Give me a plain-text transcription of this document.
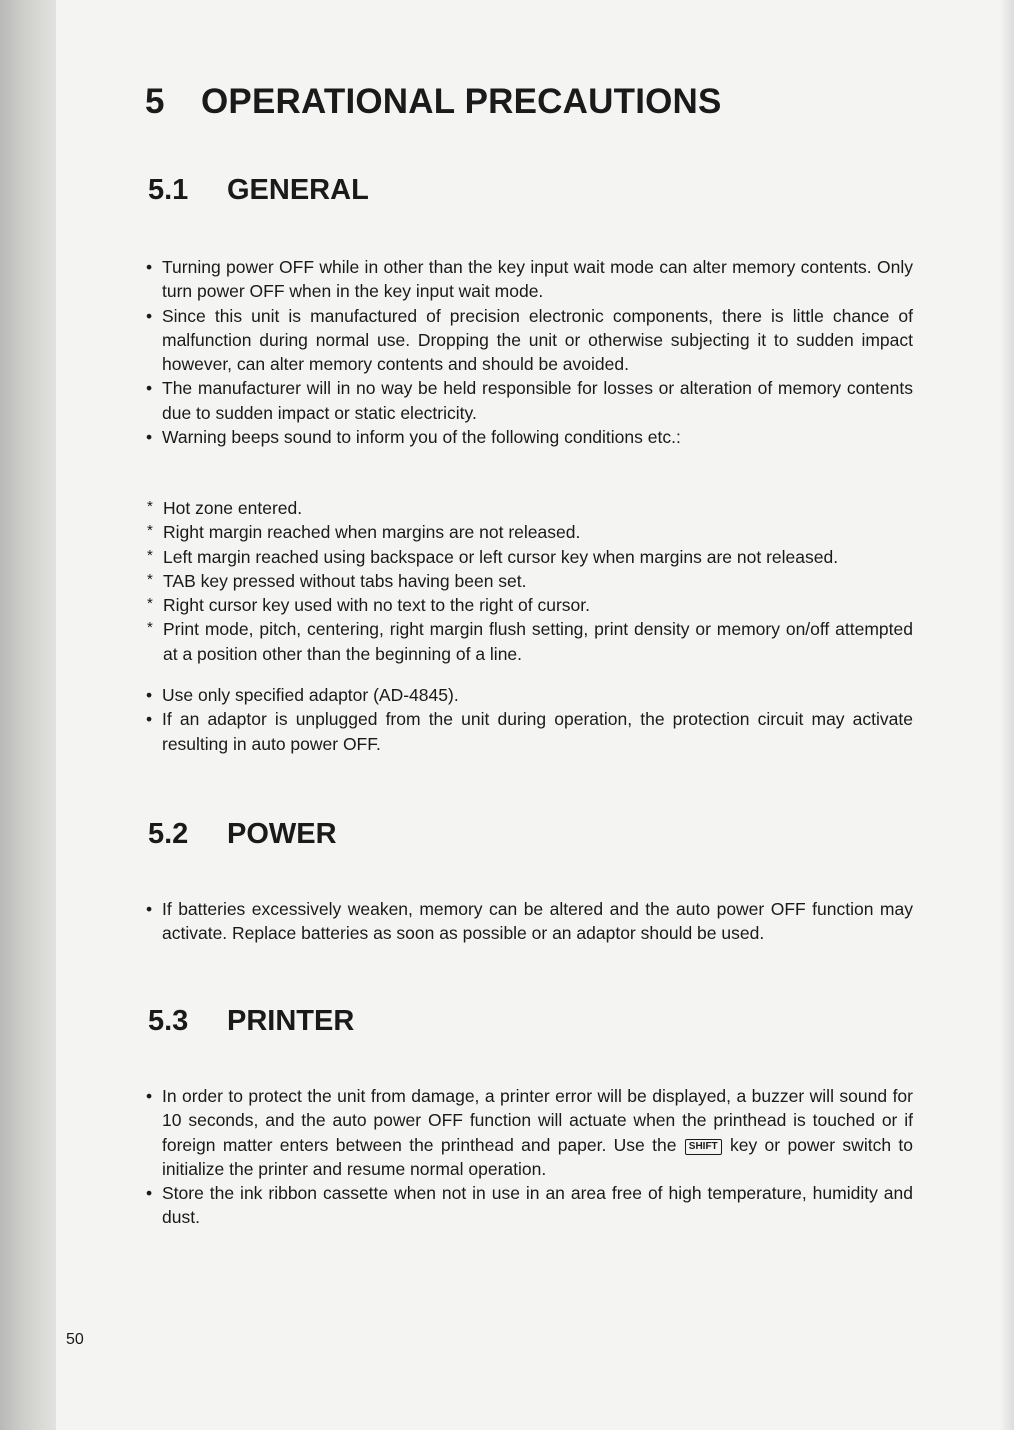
5 OPERATIONAL PRECAUTIONS
5.1 GENERAL
• Turning power OFF while in other than the key input wait mode can alter memory contents. Only turn power OFF when in the key input wait mode.
• Since this unit is manufactured of precision electronic components, there is little chance of malfunction during normal use. Dropping the unit or otherwise subjecting it to sudden impact however, can alter memory contents and should be avoided.
• The manufacturer will in no way be held responsible for losses or alteration of memory contents due to sudden impact or static electricity.
• Warning beeps sound to inform you of the following conditions etc.:
* Hot zone entered.
* Right margin reached when margins are not released.
* Left margin reached using backspace or left cursor key when margins are not released.
* TAB key pressed without tabs having been set.
* Right cursor key used with no text to the right of cursor.
* Print mode, pitch, centering, right margin flush setting, print density or memory on/off attempted at a position other than the beginning of a line.
• Use only specified adaptor (AD-4845).
• If an adaptor is unplugged from the unit during operation, the protection circuit may activate resulting in auto power OFF.
5.2 POWER
• If batteries excessively weaken, memory can be altered and the auto power OFF function may activate. Replace batteries as soon as possible or an adaptor should be used.
5.3 PRINTER
• In order to protect the unit from damage, a printer error will be displayed, a buzzer will sound for 10 seconds, and the auto power OFF function will actuate when the printhead is touched or if foreign matter enters between the printhead and paper. Use the SHIFT key or power switch to initialize the printer and resume normal operation.
• Store the ink ribbon cassette when not in use in an area free of high temperature, humidity and dust.
50
